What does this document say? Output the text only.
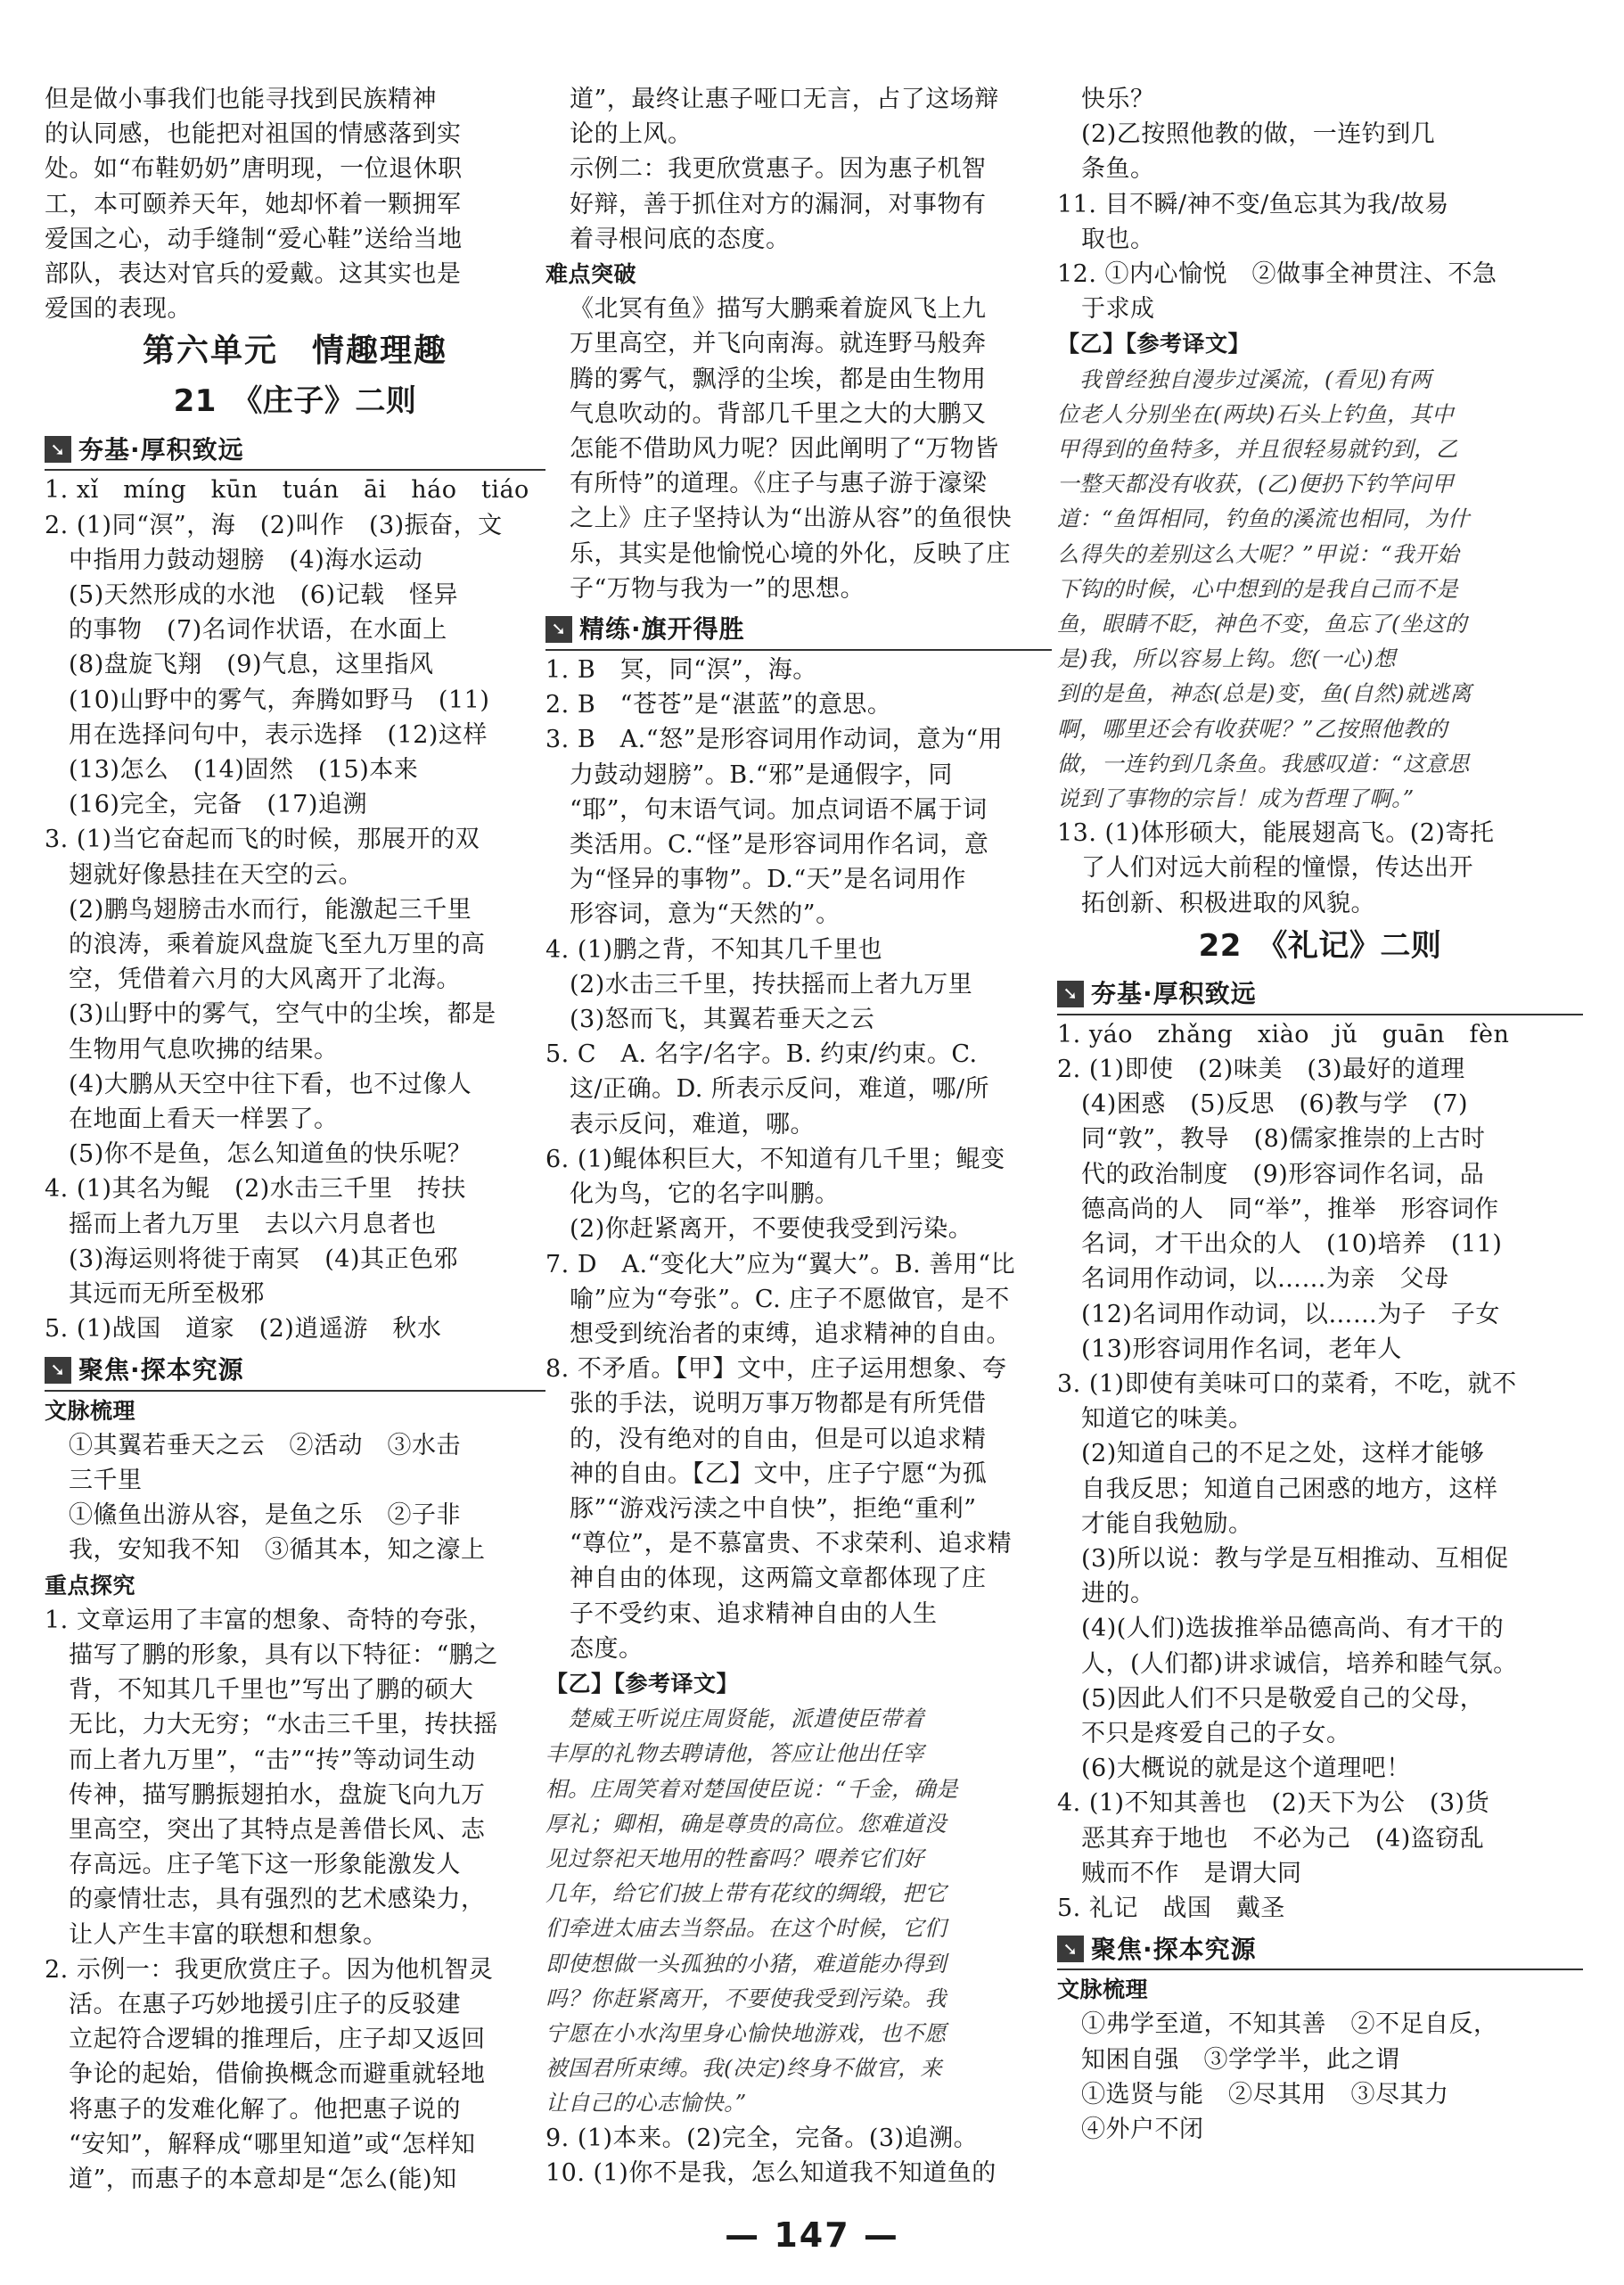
但是做小事我们也能寻找到民族精神
的认同感，也能把对祖国的情感落到实
处。如“布鞋奶奶”唐明现，一位退休职
工，本可颐养天年，她却怀着一颗拥军
爱国之心，动手缝制“爱心鞋”送给当地
部队，表达对官兵的爱戴。这其实也是
爱国的表现。
第六单元　情趣理趣
21　《庄子》二则
➘ 夯基·厚积致远
1. xǐ　míng　kūn　tuán　āi　háo　tiáo
2. (1)同“溟”，海　(2)叫作　(3)振奋，文
中指用力鼓动翅膀　(4)海水运动
(5)天然形成的水池　(6)记载　怪异
的事物　(7)名词作状语，在水面上
(8)盘旋飞翔　(9)气息，这里指风
(10)山野中的雾气，奔腾如野马　(11)
用在选择问句中，表示选择　(12)这样
(13)怎么　(14)固然　(15)本来
(16)完全，完备　(17)追溯
3. (1)当它奋起而飞的时候，那展开的双
翅就好像悬挂在天空的云。
(2)鹏鸟翅膀击水而行，能激起三千里
的浪涛，乘着旋风盘旋飞至九万里的高
空，凭借着六月的大风离开了北海。
(3)山野中的雾气，空气中的尘埃，都是
生物用气息吹拂的结果。
(4)大鹏从天空中往下看，也不过像人
在地面上看天一样罢了。
(5)你不是鱼，怎么知道鱼的快乐呢？
4. (1)其名为鲲　(2)水击三千里　抟扶
摇而上者九万里　去以六月息者也
(3)海运则将徙于南冥　(4)其正色邪
其远而无所至极邪
5. (1)战国　道家　(2)逍遥游　秋水
➘ 聚焦·探本究源
文脉梳理
①其翼若垂天之云　②活动　③水击
三千里
①鯈鱼出游从容，是鱼之乐　②子非
我，安知我不知　③循其本，知之濠上
重点探究
1. 文章运用了丰富的想象、奇特的夸张，
描写了鹏的形象，具有以下特征：“鹏之
背，不知其几千里也”写出了鹏的硕大
无比，力大无穷；“水击三千里，抟扶摇
而上者九万里”，“击”“抟”等动词生动
传神，描写鹏振翅拍水，盘旋飞向九万
里高空，突出了其特点是善借长风、志
存高远。庄子笔下这一形象能激发人
的豪情壮志，具有强烈的艺术感染力，
让人产生丰富的联想和想象。
2. 示例一：我更欣赏庄子。因为他机智灵
活。在惠子巧妙地援引庄子的反驳建
立起符合逻辑的推理后，庄子却又返回
争论的起始，借偷换概念而避重就轻地
将惠子的发难化解了。他把惠子说的
“安知”，解释成“哪里知道”或“怎样知
道”，而惠子的本意却是“怎么(能)知
道”，最终让惠子哑口无言，占了这场辩
论的上风。
示例二：我更欣赏惠子。因为惠子机智
好辩，善于抓住对方的漏洞，对事物有
着寻根问底的态度。
难点突破
《北冥有鱼》描写大鹏乘着旋风飞上九
万里高空，并飞向南海。就连野马般奔
腾的雾气，飘浮的尘埃，都是由生物用
气息吹动的。背部几千里之大的大鹏又
怎能不借助风力呢？因此阐明了“万物皆
有所恃”的道理。《庄子与惠子游于濠梁
之上》庄子坚持认为“出游从容”的鱼很快
乐，其实是他愉悦心境的外化，反映了庄
子“万物与我为一”的思想。
➘ 精练·旗开得胜
1. B　冥，同“溟”，海。
2. B　“苍苍”是“湛蓝”的意思。
3. B　A.“怒”是形容词用作动词，意为“用
力鼓动翅膀”。B.“邪”是通假字，同
“耶”，句末语气词。加点词语不属于词
类活用。C.“怪”是形容词用作名词，意
为“怪异的事物”。D.“天”是名词用作
形容词，意为“天然的”。
4. (1)鹏之背，不知其几千里也
(2)水击三千里，抟扶摇而上者九万里
(3)怒而飞，其翼若垂天之云
5. C　A. 名字/名字。B. 约束/约束。C.
这/正确。D. 所表示反问，难道，哪/所
表示反问，难道，哪。
6. (1)鲲体积巨大，不知道有几千里；鲲变
化为鸟，它的名字叫鹏。
(2)你赶紧离开，不要使我受到污染。
7. D　A.“变化大”应为“翼大”。B. 善用“比
喻”应为“夸张”。C. 庄子不愿做官，是不
想受到统治者的束缚，追求精神的自由。
8. 不矛盾。【甲】文中，庄子运用想象、夸
张的手法，说明万事万物都是有所凭借
的，没有绝对的自由，但是可以追求精
神的自由。【乙】文中，庄子宁愿“为孤
豚”“游戏污渎之中自快”，拒绝“重利”
“尊位”，是不慕富贵、不求荣利、追求精
神自由的体现，这两篇文章都体现了庄
子不受约束、追求精神自由的人生
态度。
【乙】【参考译文】
　楚威王听说庄周贤能，派遣使臣带着
丰厚的礼物去聘请他，答应让他出任宰
相。庄周笑着对楚国使臣说：“千金，确是
厚礼；卿相，确是尊贵的高位。您难道没
见过祭祀天地用的牲畜吗？喂养它们好
几年，给它们披上带有花纹的绸缎，把它
们牵进太庙去当祭品。在这个时候，它们
即使想做一头孤独的小猪，难道能办得到
吗？你赶紧离开，不要使我受到污染。我
宁愿在小水沟里身心愉快地游戏，也不愿
被国君所束缚。我(决定)终身不做官，来
让自己的心志愉快。”
9. (1)本来。(2)完全，完备。(3)追溯。
10. (1)你不是我，怎么知道我不知道鱼的
快乐？
(2)乙按照他教的做，一连钓到几
条鱼。
11. 目不瞬/神不变/鱼忘其为我/故易
取也。
12. ①内心愉悦　②做事全神贯注、不急
于求成
【乙】【参考译文】
　我曾经独自漫步过溪流，(看见)有两
位老人分别坐在(两块)石头上钓鱼，其中
甲得到的鱼特多，并且很轻易就钓到，乙
一整天都没有收获，(乙)便扔下钓竿问甲
道：“鱼饵相同，钓鱼的溪流也相同，为什
么得失的差别这么大呢？”甲说：“我开始
下钩的时候，心中想到的是我自己而不是
鱼，眼睛不眨，神色不变，鱼忘了(坐这的
是)我，所以容易上钩。您(一心)想
到的是鱼，神态(总是)变，鱼(自然)就逃离
啊，哪里还会有收获呢？”乙按照他教的
做，一连钓到几条鱼。我感叹道：“这意思
说到了事物的宗旨！成为哲理了啊。”
13. (1)体形硕大，能展翅高飞。(2)寄托
了人们对远大前程的憧憬，传达出开
拓创新、积极进取的风貌。
22　《礼记》二则
➘ 夯基·厚积致远
1. yáo　zhǎng　xiào　jǔ　guān　fèn
2. (1)即使　(2)味美　(3)最好的道理
(4)困惑　(5)反思　(6)教与学　(7)
同“敦”，教导　(8)儒家推崇的上古时
代的政治制度　(9)形容词作名词，品
德高尚的人　同“举”，推举　形容词作
名词，才干出众的人　(10)培养　(11)
名词用作动词，以……为亲　父母
(12)名词用作动词，以……为子　子女
(13)形容词用作名词，老年人
3. (1)即使有美味可口的菜肴，不吃，就不
知道它的味美。
(2)知道自己的不足之处，这样才能够
自我反思；知道自己困惑的地方，这样
才能自我勉励。
(3)所以说：教与学是互相推动、互相促
进的。
(4)(人们)选拔推举品德高尚、有才干的
人，(人们都)讲求诚信，培养和睦气氛。
(5)因此人们不只是敬爱自己的父母，
不只是疼爱自己的子女。
(6)大概说的就是这个道理吧！
4. (1)不知其善也　(2)天下为公　(3)货
恶其弃于地也　不必为己　(4)盗窃乱
贼而不作　是谓大同
5. 礼记　战国　戴圣
➘ 聚焦·探本究源
文脉梳理
①弗学至道，不知其善　②不足自反，
知困自强　③学学半，此之谓
①选贤与能　②尽其用　③尽其力
④外户不闭
— 147 —
